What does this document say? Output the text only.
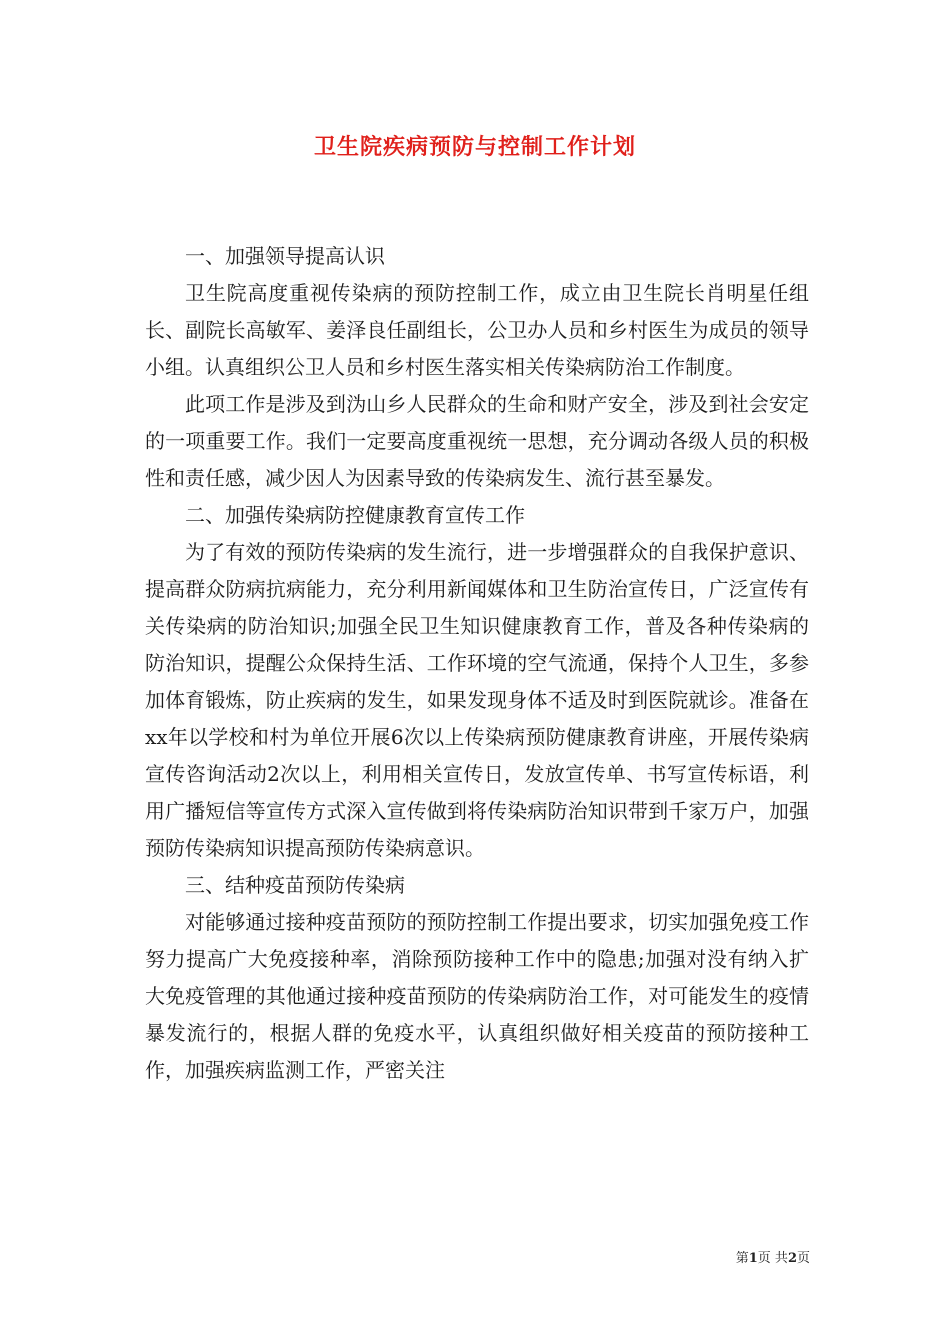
卫生院疾病预防与控制工作计划

一、加强领导提高认识

卫生院高度重视传染病的预防控制工作，成立由卫生院长肖明星任组长、副院长高敏军、姜泽良任副组长，公卫办人员和乡村医生为成员的领导小组。认真组织公卫人员和乡村医生落实相关传染病防治工作制度。

此项工作是涉及到沩山乡人民群众的生命和财产安全，涉及到社会安定的一项重要工作。我们一定要高度重视统一思想，充分调动各级人员的积极性和责任感，减少因人为因素导致的传染病发生、流行甚至暴发。

二、加强传染病防控健康教育宣传工作

为了有效的预防传染病的发生流行，进一步增强群众的自我保护意识、提高群众防病抗病能力，充分利用新闻媒体和卫生防治宣传日，广泛宣传有关传染病的防治知识;加强全民卫生知识健康教育工作，普及各种传染病的防治知识，提醒公众保持生活、工作环境的空气流通，保持个人卫生，多参加体育锻炼，防止疾病的发生，如果发现身体不适及时到医院就诊。准备在xx年以学校和村为单位开展6次以上传染病预防健康教育讲座，开展传染病宣传咨询活动2次以上，利用相关宣传日，发放宣传单、书写宣传标语，利用广播短信等宣传方式深入宣传做到将传染病防治知识带到千家万户，加强预防传染病知识提高预防传染病意识。

三、结种疫苗预防传染病

对能够通过接种疫苗预防的预防控制工作提出要求，切实加强免疫工作努力提高广大免疫接种率，消除预防接种工作中的隐患;加强对没有纳入扩大免疫管理的其他通过接种疫苗预防的传染病防治工作，对可能发生的疫情暴发流行的，根据人群的免疫水平，认真组织做好相关疫苗的预防接种工作，加强疾病监测工作，严密关注

第1页 共2页
